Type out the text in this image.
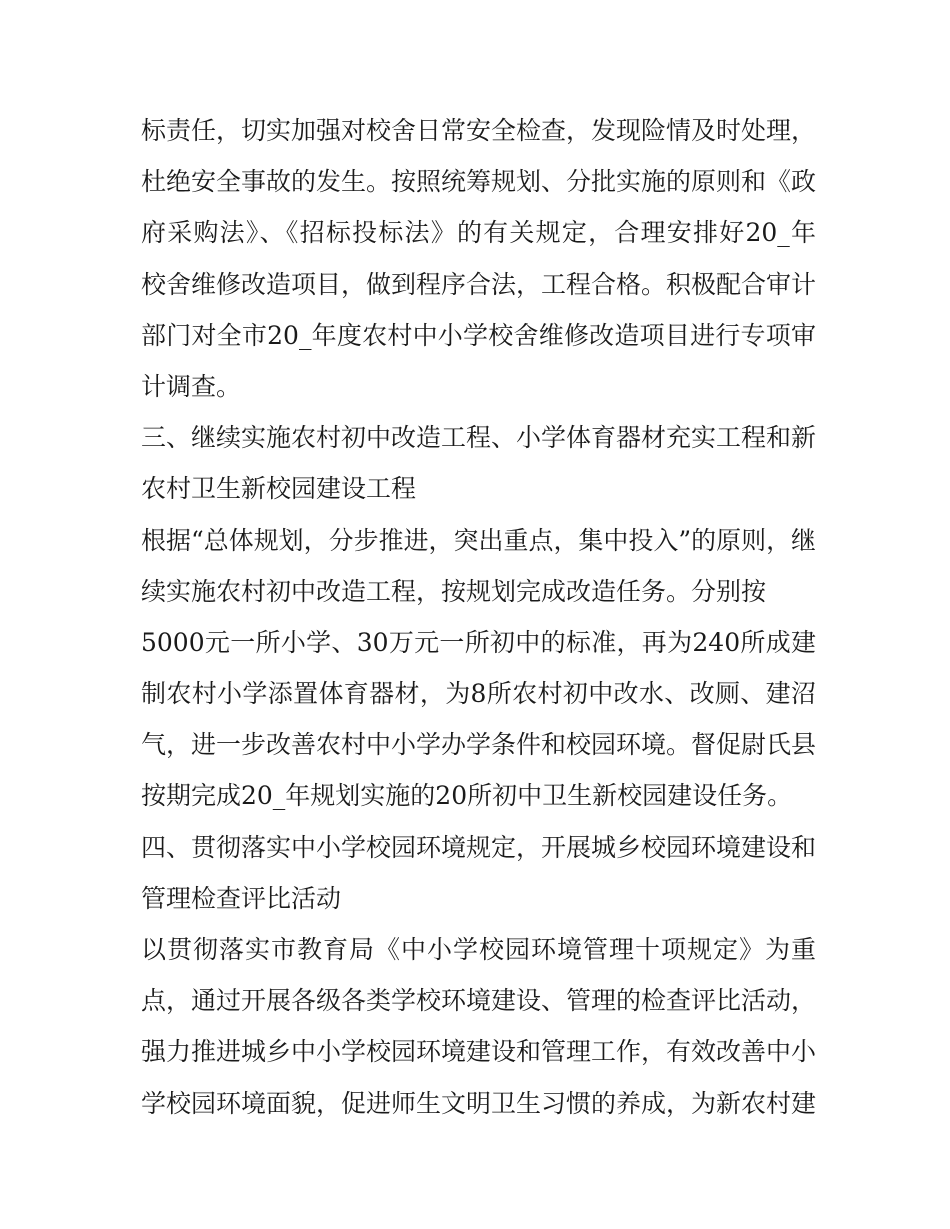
标责任，切实加强对校舍日常安全检查，发现险情及时处理，
杜绝安全事故的发生。按照统筹规划、分批实施的原则和《政
府采购法》、《招标投标法》的有关规定，合理安排好20_年
校舍维修改造项目，做到程序合法，工程合格。积极配合审计
部门对全市20_年度农村中小学校舍维修改造项目进行专项审
计调查。
三、继续实施农村初中改造工程、小学体育器材充实工程和新
农村卫生新校园建设工程
根据“总体规划，分步推进，突出重点，集中投入”的原则，继
续实施农村初中改造工程，按规划完成改造任务。分别按
5000元一所小学、30万元一所初中的标准，再为240所成建
制农村小学添置体育器材，为8所农村初中改水、改厕、建沼
气，进一步改善农村中小学办学条件和校园环境。督促尉氏县
按期完成20_年规划实施的20所初中卫生新校园建设任务。
四、贯彻落实中小学校园环境规定，开展城乡校园环境建设和
管理检查评比活动
以贯彻落实市教育局《中小学校园环境管理十项规定》为重
点，通过开展各级各类学校环境建设、管理的检查评比活动，
强力推进城乡中小学校园环境建设和管理工作，有效改善中小
学校园环境面貌，促进师生文明卫生习惯的养成，为新农村建
